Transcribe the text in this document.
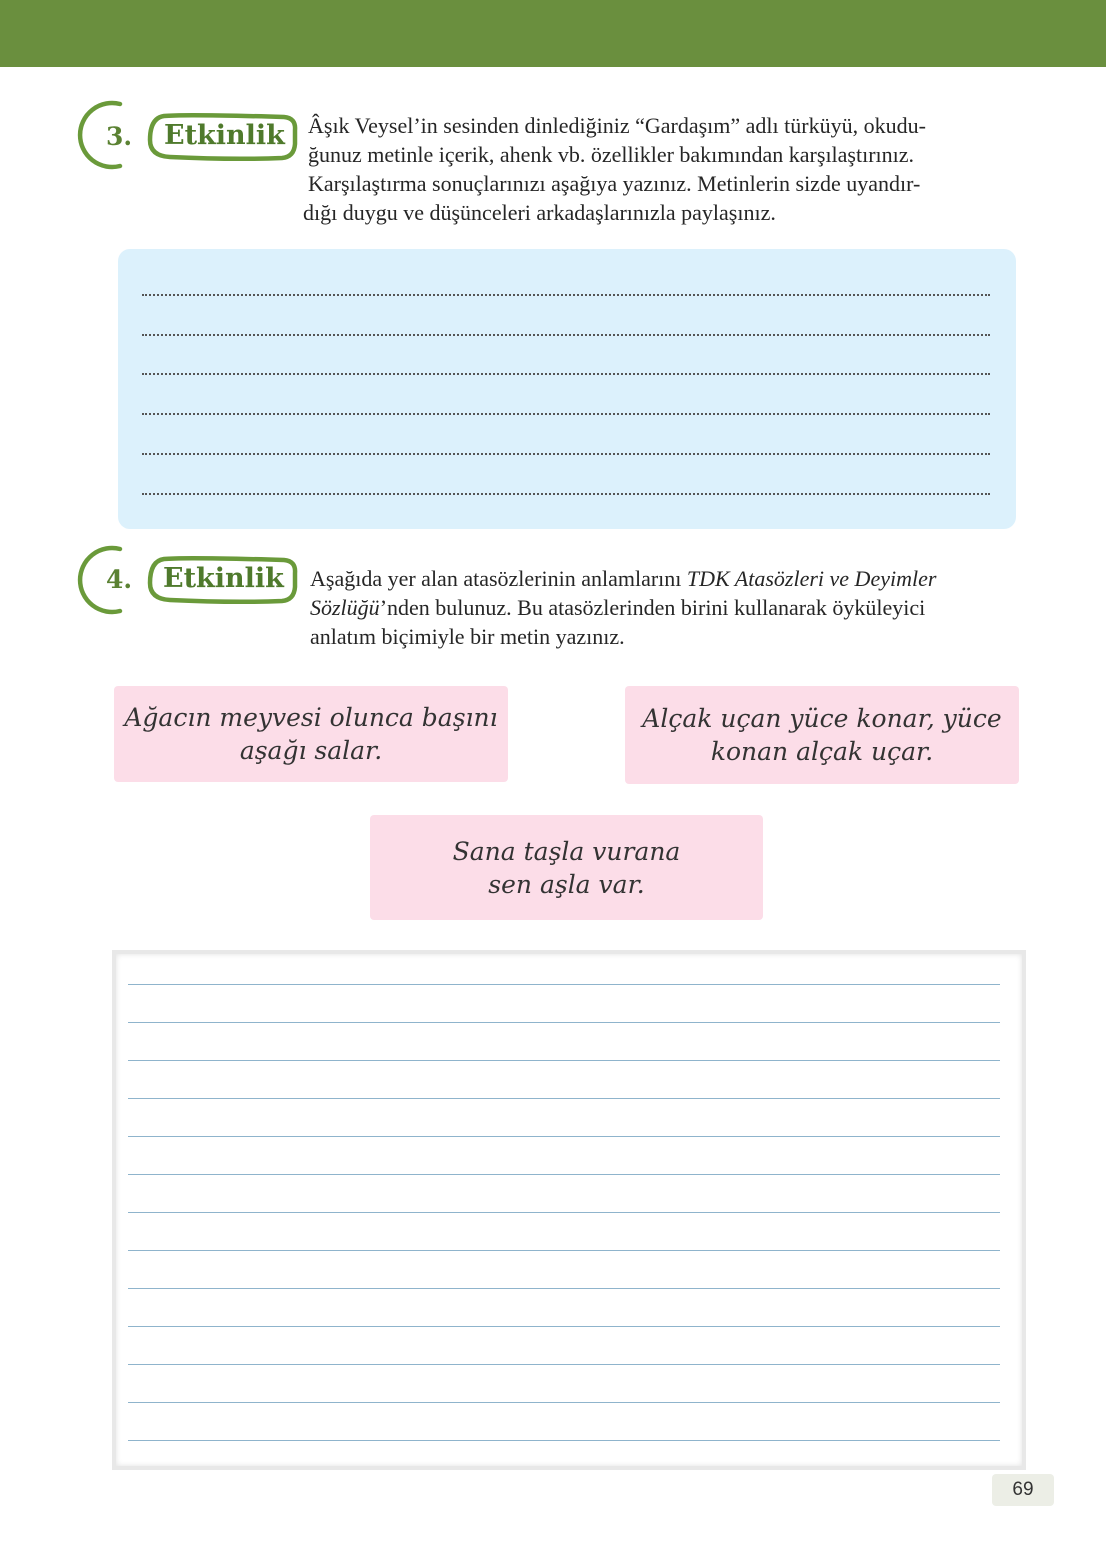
3. Etkinlik Âşık Veysel’in sesinden dinlediğiniz “Gardaşım” adlı türküyü, okudu-
ğunuz metinle içerik, ahenk vb. özellikler bakımından karşılaştırınız.
Karşılaştırma sonuçlarınızı aşağıya yazınız. Metinlerin sizde uyandır-
dığı duygu ve düşünceleri arkadaşlarınızla paylaşınız.
4. Etkinlik Aşağıda yer alan atasözlerinin anlamlarını TDK Atasözleri ve Deyimler
Sözlüğü’nden bulunuz. Bu atasözlerinden birini kullanarak öyküleyici
anlatım biçimiyle bir metin yazınız.
Ağacın meyvesi olunca başını
aşağı salar.
Alçak uçan yüce konar, yüce
konan alçak uçar.
Sana taşla vurana
sen aşla var.
69
